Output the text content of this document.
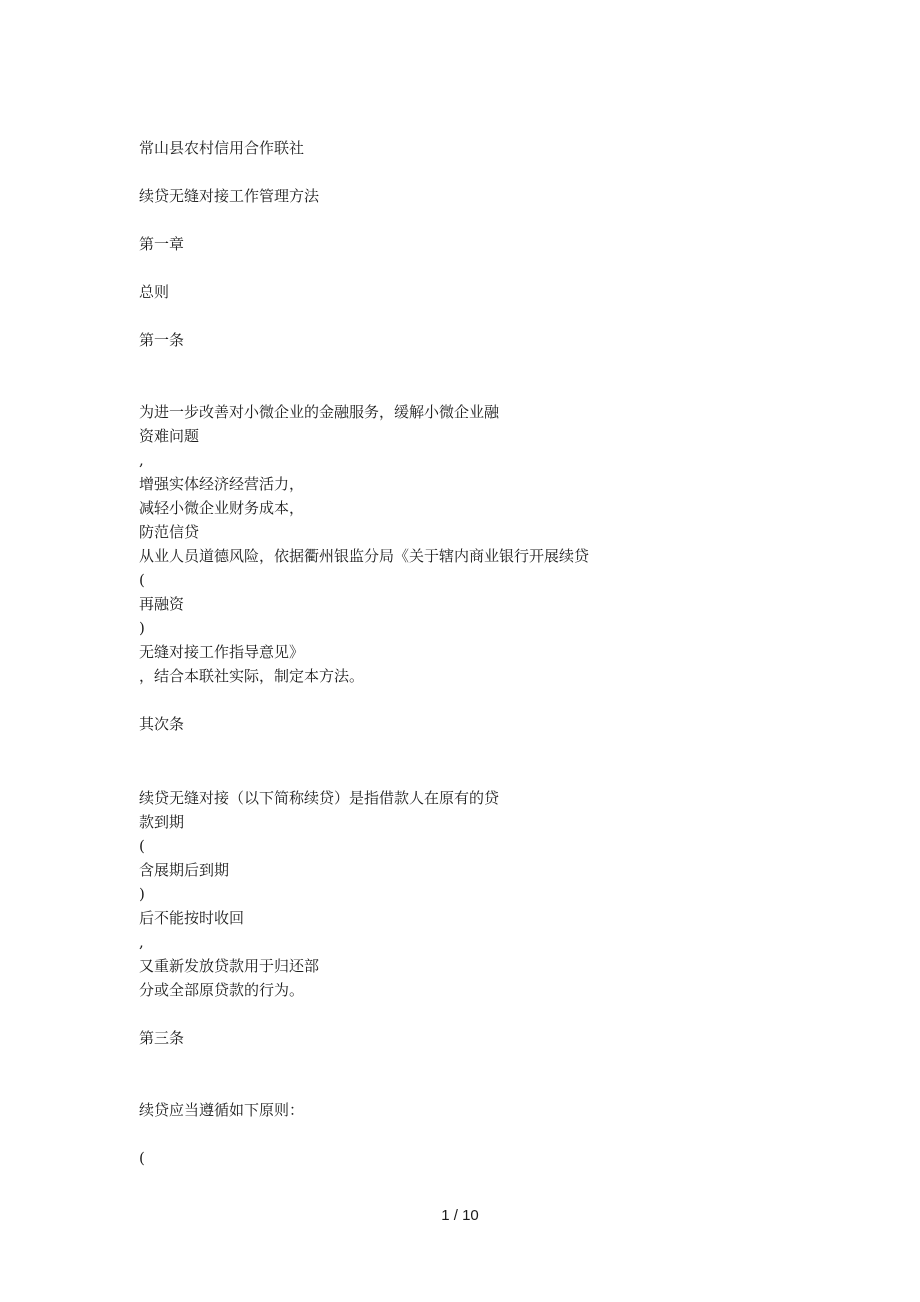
常山县农村信用合作联社
续贷无缝对接工作管理方法
第一章
总则
第一条
为进一步改善对小微企业的金融服务，缓解小微企业融
资难问题
,
增强实体经济经营活力，
减轻小微企业财务成本，
防范信贷
从业人员道德风险，依据衢州银监分局《关于辖内商业银行开展续贷
(
再融资
)
无缝对接工作指导意见》
，结合本联社实际，制定本方法。
其次条
续贷无缝对接（以下简称续贷）是指借款人在原有的贷
款到期
(
含展期后到期
)
后不能按时收回
,
又重新发放贷款用于归还部
分或全部原贷款的行为。
第三条
续贷应当遵循如下原则：
(
1 / 10
